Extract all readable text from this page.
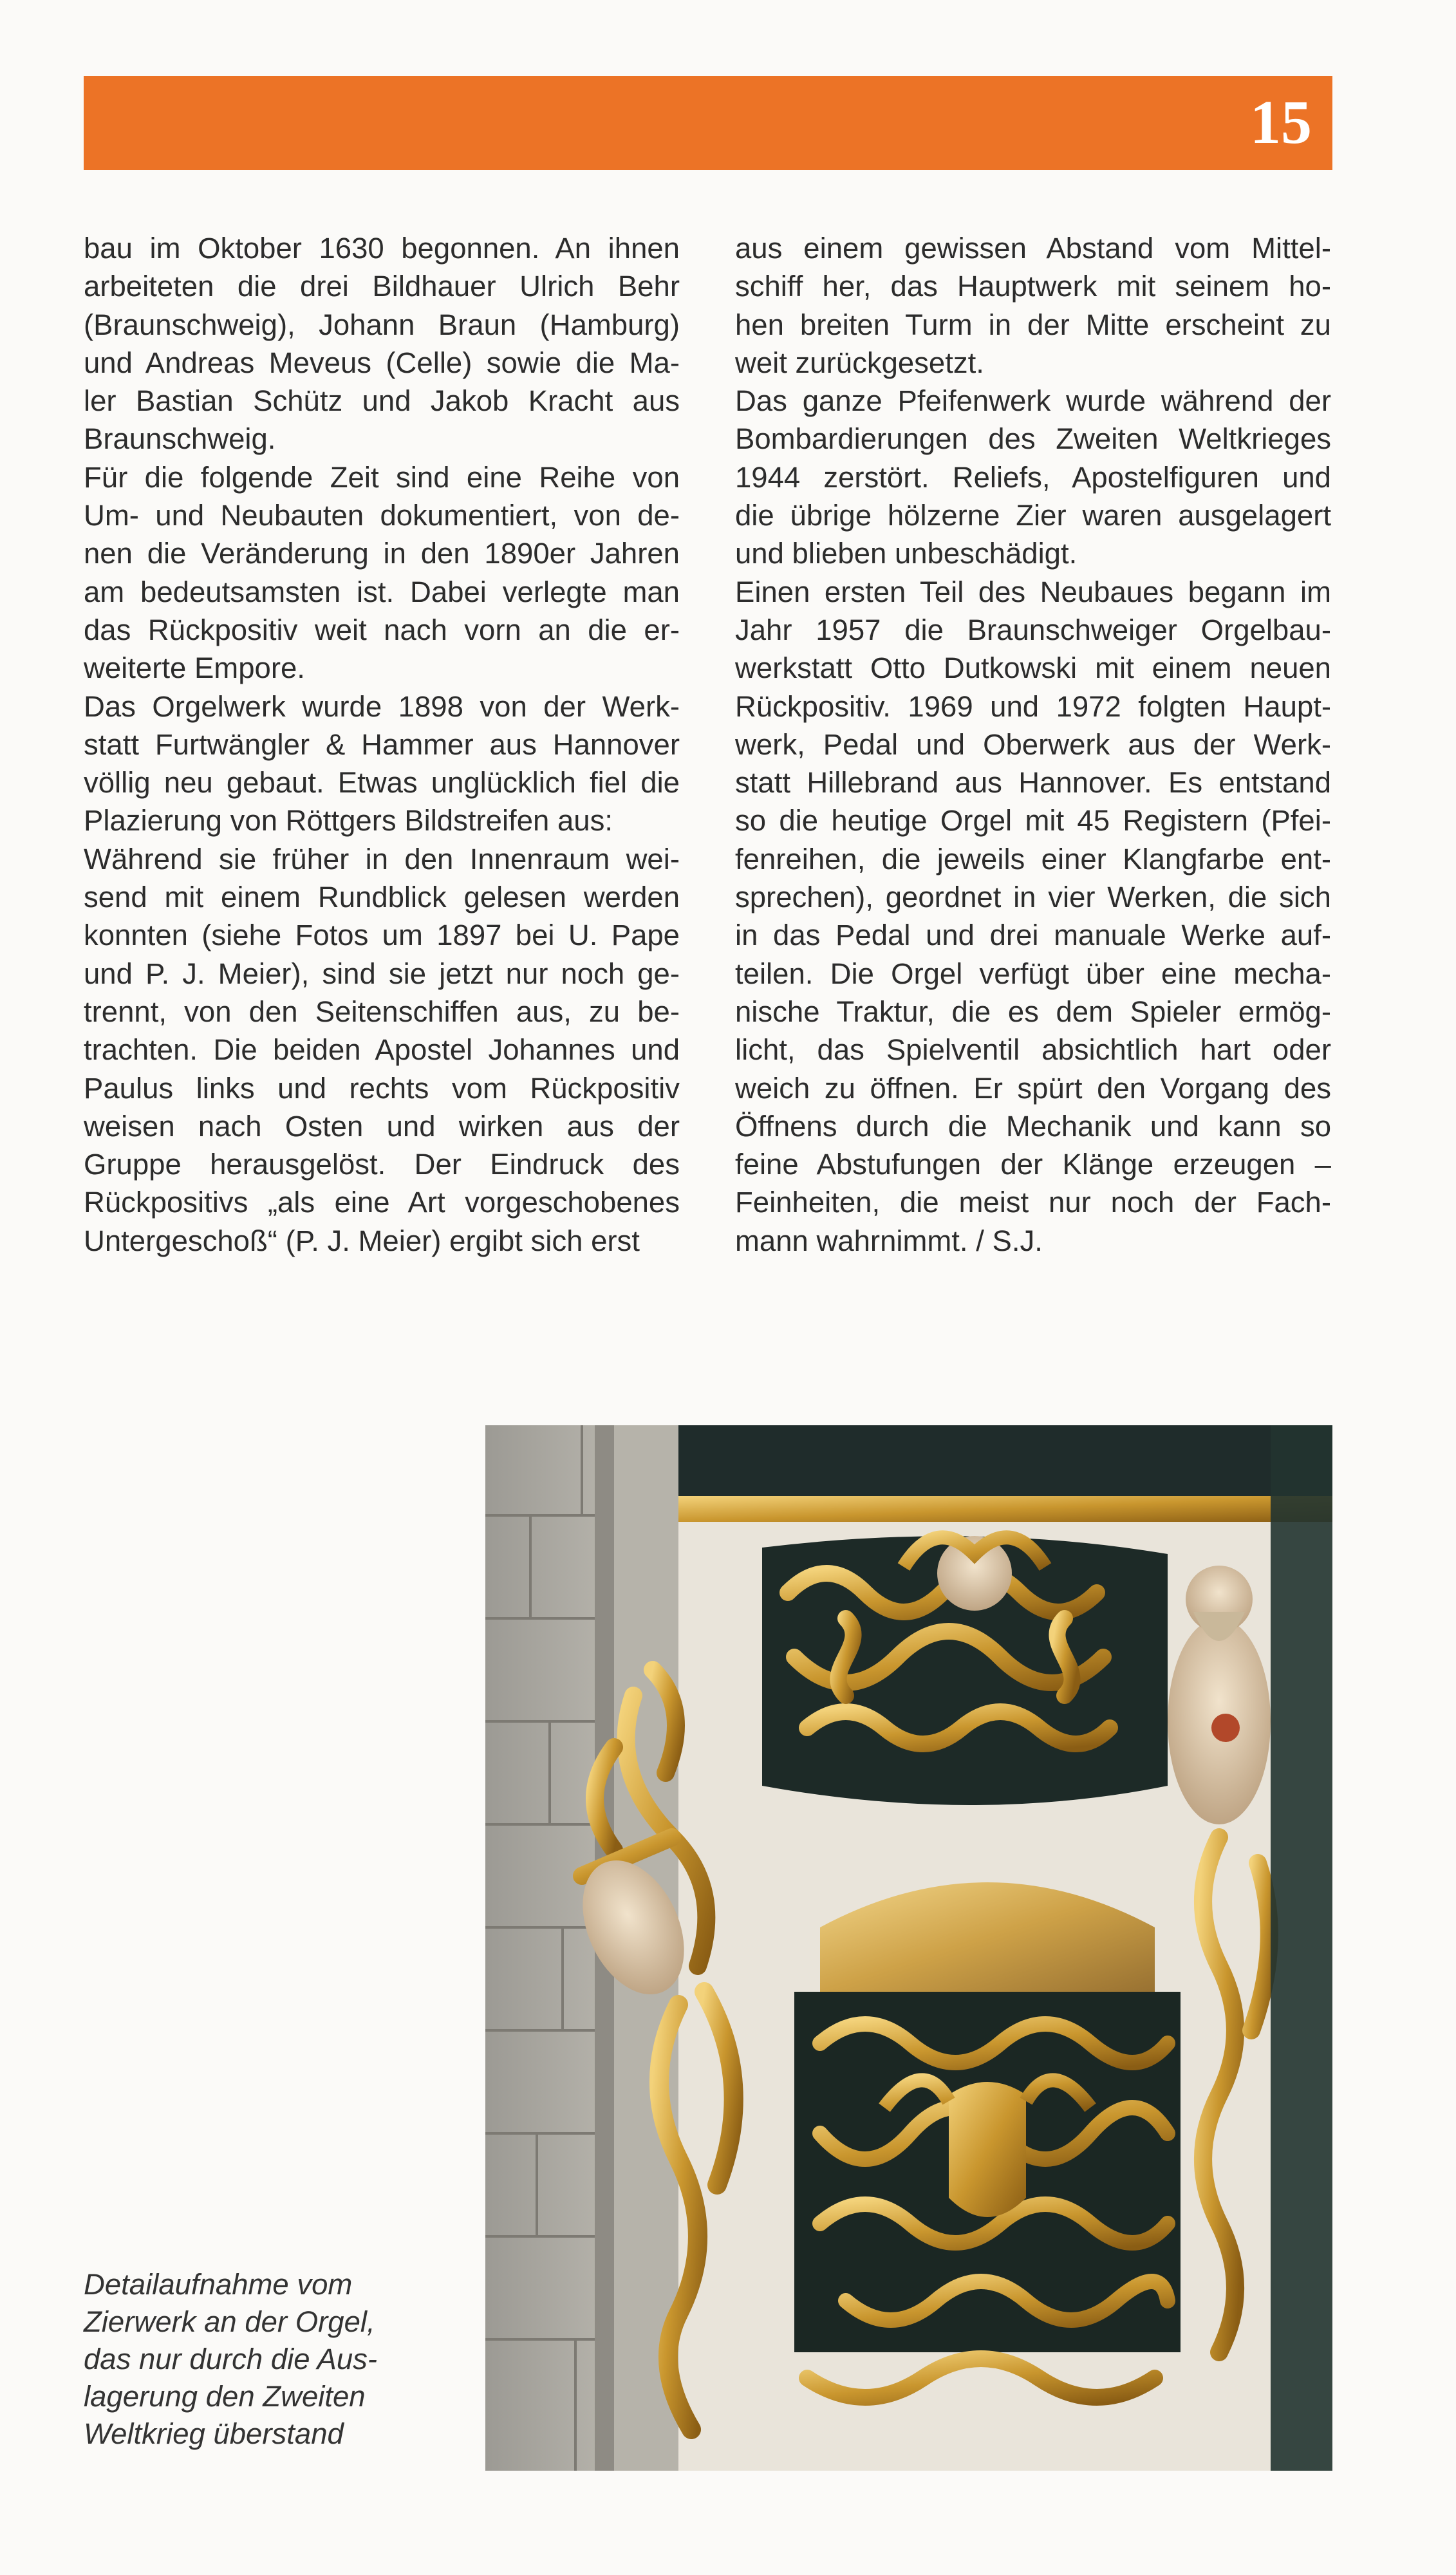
15
bau im Oktober 1630 begonnen. An ihnen
arbeiteten die drei Bildhauer Ulrich Behr
(Braunschweig), Johann Braun (Hamburg)
und Andreas Meveus (Celle) sowie die Ma-
ler Bastian Schütz und Jakob Kracht aus
Braunschweig.
Für die folgende Zeit sind eine Reihe von
Um- und Neubauten dokumentiert, von de-
nen die Veränderung in den 1890er Jahren
am bedeutsamsten ist. Dabei verlegte man
das Rückpositiv weit nach vorn an die er-
weiterte Empore.
Das Orgelwerk wurde 1898 von der Werk-
statt Furtwängler & Hammer aus Hannover
völlig neu gebaut. Etwas unglücklich fiel die
Plazierung von Röttgers Bildstreifen aus:
Während sie früher in den Innenraum wei-
send mit einem Rundblick gelesen werden
konnten (siehe Fotos um 1897 bei U. Pape
und P. J. Meier), sind sie jetzt nur noch ge-
trennt, von den Seitenschiffen aus, zu be-
trachten. Die beiden Apostel Johannes und
Paulus links und rechts vom Rückpositiv
weisen nach Osten und wirken aus der
Gruppe herausgelöst. Der Eindruck des
Rückpositivs „als eine Art vorgeschobenes
Untergeschoß“ (P. J. Meier) ergibt sich erst
aus einem gewissen Abstand vom Mittel-
schiff her, das Hauptwerk mit seinem ho-
hen breiten Turm in der Mitte erscheint zu
weit zurückgesetzt.
Das ganze Pfeifenwerk wurde während der
Bombardierungen des Zweiten Weltkrieges
1944 zerstört. Reliefs, Apostelfiguren und
die übrige hölzerne Zier waren ausgelagert
und blieben unbeschädigt.
Einen ersten Teil des Neubaues begann im
Jahr 1957 die Braunschweiger Orgelbau-
werkstatt Otto Dutkowski mit einem neuen
Rückpositiv. 1969 und 1972 folgten Haupt-
werk, Pedal und Oberwerk aus der Werk-
statt Hillebrand aus Hannover. Es entstand
so die heutige Orgel mit 45 Registern (Pfei-
fenreihen, die jeweils einer Klangfarbe ent-
sprechen), geordnet in vier Werken, die sich
in das Pedal und drei manuale Werke auf-
teilen. Die Orgel verfügt über eine mecha-
nische Traktur, die es dem Spieler ermög-
licht, das Spielventil absichtlich hart oder
weich zu öffnen. Er spürt den Vorgang des
Öffnens durch die Mechanik und kann so
feine Abstufungen der Klänge erzeugen –
Feinheiten, die meist nur noch der Fach-
mann wahrnimmt. / S.J.
Detailaufnahme vom
Zierwerk an der Orgel,
das nur durch die Aus-
lagerung den Zweiten
Weltkrieg überstand
